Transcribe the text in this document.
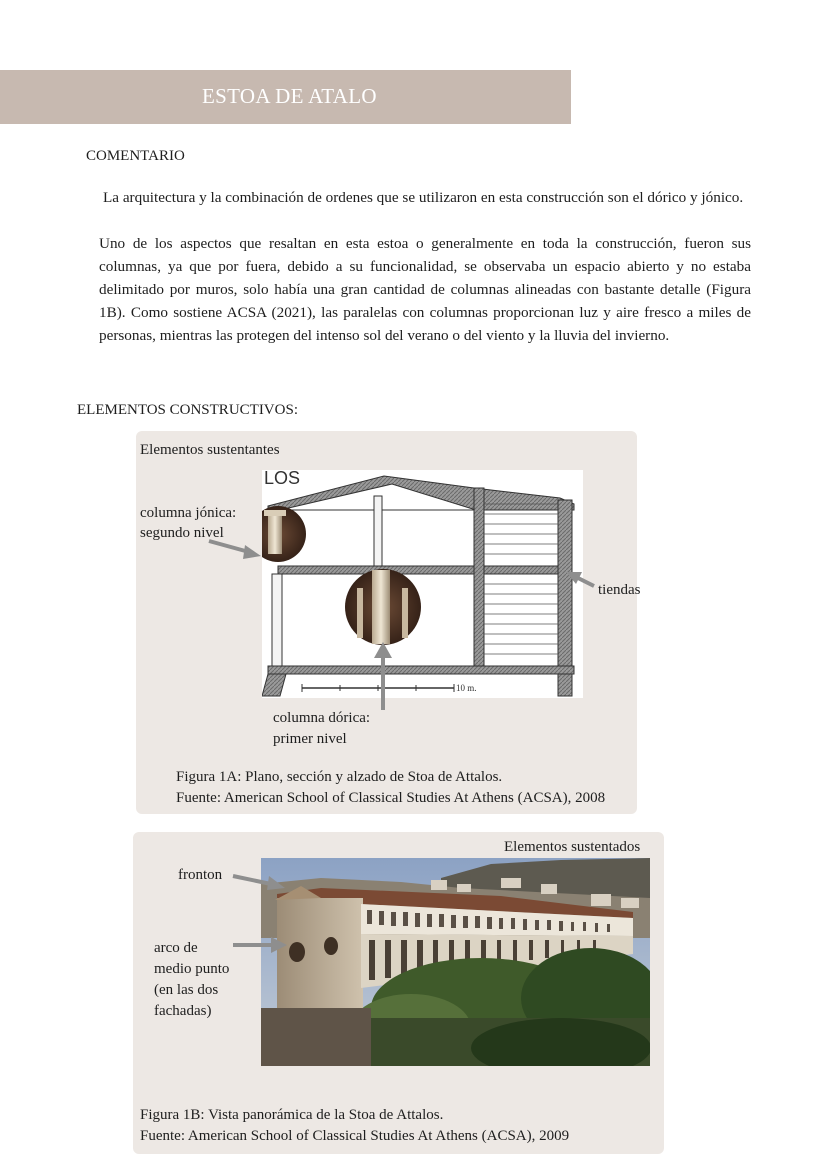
ESTOA DE ATALO
COMENTARIO

La arquitectura y la combinación de ordenes que se utilizaron en esta construcción son el dórico y jónico.

Uno de los aspectos que resaltan en esta estoa o generalmente en toda la construcción, fueron sus columnas, ya que por fuera, debido a su funcionalidad, se observaba un espacio abierto y no estaba delimitado por muros, solo había una gran cantidad de columnas alineadas con bastante detalle (Figura 1B). Como sostiene ACSA (2021), las paralelas con columnas proporcionan luz y aire fresco a miles de personas, mientras las protegen del intenso sol del verano o del viento y la lluvia del invierno.

ELEMENTOS CONSTRUCTIVOS:
Elementos sustentantes
LOS
10 m.
columna jónica:
segundo nivel
tiendas
columna dórica:
primer nivel
Figura 1A: Plano, sección y alzado de Stoa de Attalos.
Fuente: American School of Classical Studies At Athens (ACSA), 2008
Elementos sustentados
fronton
arco de
medio punto
(en las dos
fachadas)
Figura 1B: Vista panorámica de la Stoa de Attalos.
Fuente: American School of Classical Studies At Athens (ACSA), 2009
